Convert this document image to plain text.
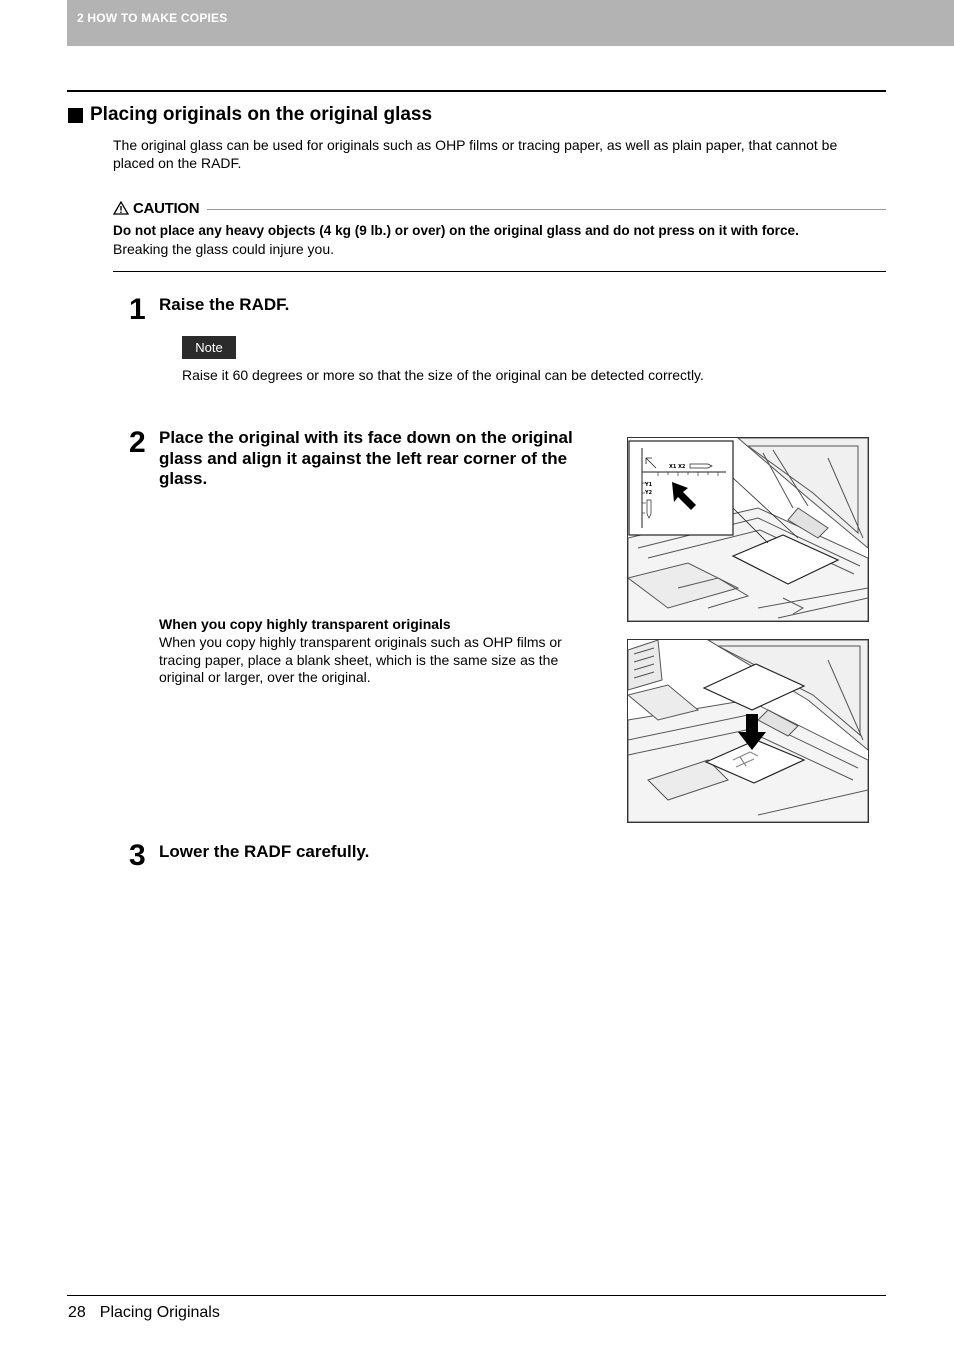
2 HOW TO MAKE COPIES
Placing originals on the original glass
The original glass can be used for originals such as OHP films or tracing paper, as well as plain paper, that cannot be
placed on the RADF.
CAUTION
Do not place any heavy objects (4 kg (9 lb.) or over) on the original glass and do not press on it with force.
Breaking the glass could injure you.
1 Raise the RADF.
Note
Raise it 60 degrees or more so that the size of the original can be detected correctly.
2 Place the original with its face down on the original
glass and align it against the left rear corner of the
glass.
When you copy highly transparent originals
When you copy highly transparent originals such as OHP films or
tracing paper, place a blank sheet, which is the same size as the
original or larger, over the original.
X1 X2
Y1
Y2
3 Lower the RADF carefully.
28 Placing Originals
